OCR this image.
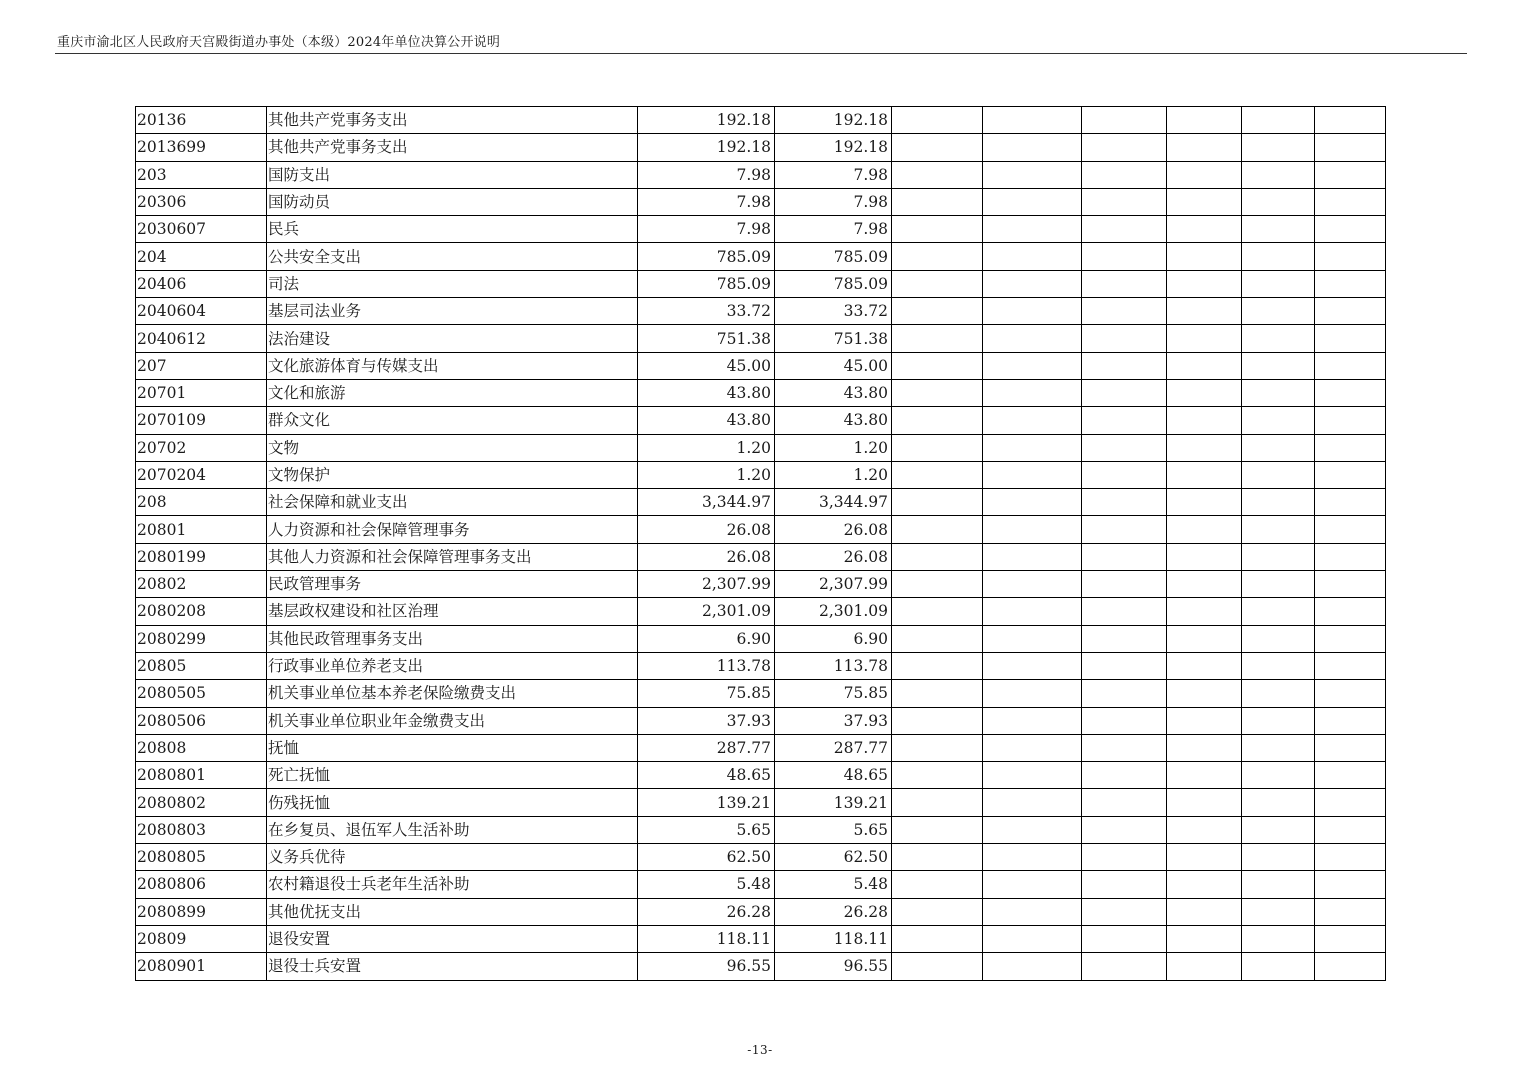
重庆市渝北区人民政府天宫殿街道办事处（本级）2024年单位决算公开说明
20136	其他共产党事务支出	192.18	192.18						
2013699	其他共产党事务支出	192.18	192.18						
203	国防支出	7.98	7.98						
20306	国防动员	7.98	7.98						
2030607	民兵	7.98	7.98						
204	公共安全支出	785.09	785.09						
20406	司法	785.09	785.09						
2040604	基层司法业务	33.72	33.72						
2040612	法治建设	751.38	751.38						
207	文化旅游体育与传媒支出	45.00	45.00						
20701	文化和旅游	43.80	43.80						
2070109	群众文化	43.80	43.80						
20702	文物	1.20	1.20						
2070204	文物保护	1.20	1.20						
208	社会保障和就业支出	3,344.97	3,344.97						
20801	人力资源和社会保障管理事务	26.08	26.08						
2080199	其他人力资源和社会保障管理事务支出	26.08	26.08						
20802	民政管理事务	2,307.99	2,307.99						
2080208	基层政权建设和社区治理	2,301.09	2,301.09						
2080299	其他民政管理事务支出	6.90	6.90						
20805	行政事业单位养老支出	113.78	113.78						
2080505	机关事业单位基本养老保险缴费支出	75.85	75.85						
2080506	机关事业单位职业年金缴费支出	37.93	37.93						
20808	抚恤	287.77	287.77						
2080801	死亡抚恤	48.65	48.65						
2080802	伤残抚恤	139.21	139.21						
2080803	在乡复员、退伍军人生活补助	5.65	5.65						
2080805	义务兵优待	62.50	62.50						
2080806	农村籍退役士兵老年生活补助	5.48	5.48						
2080899	其他优抚支出	26.28	26.28						
20809	退役安置	118.11	118.11						
2080901	退役士兵安置	96.55	96.55						
-13-
